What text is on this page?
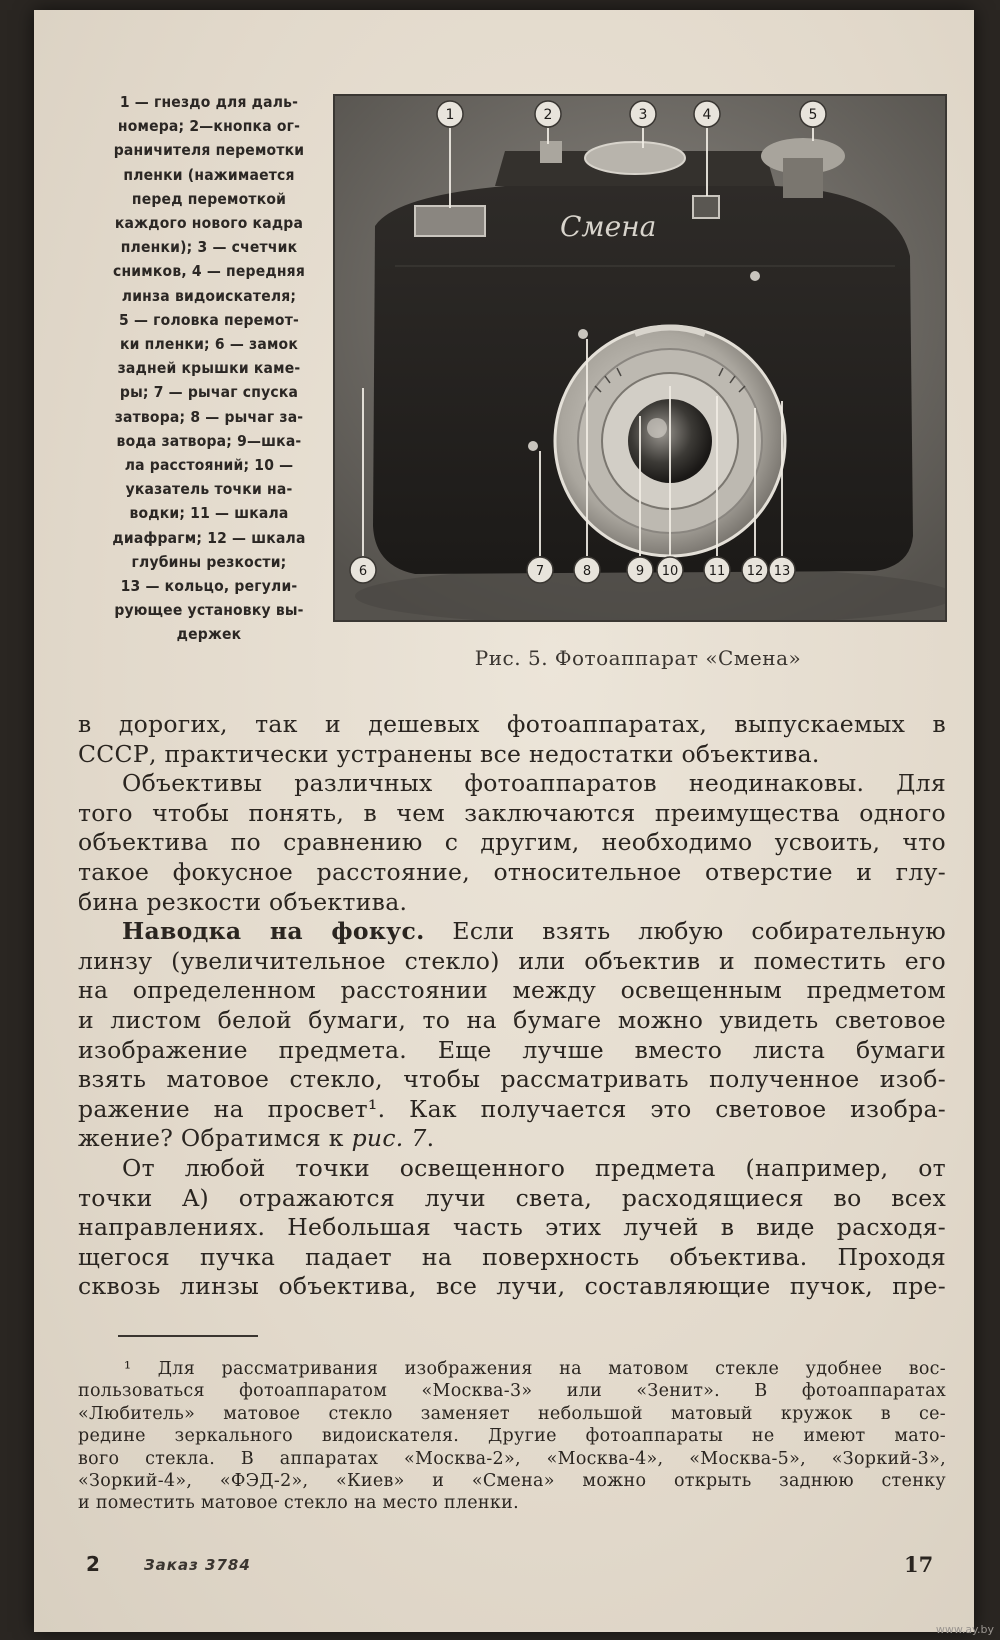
1 — гнездо для даль-
номера; 2—кнопка ог-
раничителя перемотки
пленки (нажимается
перед перемоткой
каждого нового кадра
пленки); 3 — счетчик
снимков, 4 — передняя
линза видоискателя;
5 — головка перемот-
ки пленки; 6 — замок
задней крышки каме-
ры; 7 — рычаг спуска
затвора; 8 — рычаг за-
вода затвора; 9—шка-
ла расстояний; 10 —
указатель точки на-
водки; 11 — шкала
диафрагм; 12 — шкала
глубины резкости;
13 — кольцо, регули-
рующее установку вы-
держек
Смена
1	2	3	4	5
6	7	8	9 10 11 12 13
Рис. 5. Фотоаппарат «Смена»

в дорогих, так и дешевых фотоаппаратах, выпускаемых в
СССР, практически устранены все недостатки объектива.

Объективы различных фотоаппаратов неодинаковы. Для
того чтобы понять, в чем заключаются преимущества одного
объектива по сравнению с другим, необходимо усвоить, что
такое фокусное расстояние, относительное отверстие и глу-
бина резкости объектива.

Наводка на фокус. Если взять любую собирательную
линзу (увеличительное стекло) или объектив и поместить его
на определенном расстоянии между освещенным предметом
и листом белой бумаги, то на бумаге можно увидеть световое
изображение предмета. Еще лучше вместо листа бумаги
взять матовое стекло, чтобы рассматривать полученное изоб-
ражение на просвет¹. Как получается это световое изобра-
жение? Обратимся к рис. 7.

От любой точки освещенного предмета (например, от
точки A) отражаются лучи света, расходящиеся во всех
направлениях. Небольшая часть этих лучей в виде расходя-
щегося пучка падает на поверхность объектива. Проходя
сквозь линзы объектива, все лучи, составляющие пучок, пре-

¹ Для рассматривания изображения на матовом стекле удобнее вос-
пользоваться фотоаппаратом «Москва-3» или «Зенит». В фотоаппаратах
«Любитель» матовое стекло заменяет небольшой матовый кружок в се-
редине зеркального видоискателя. Другие фотоаппараты не имеют мато-
вого стекла. В аппаратах «Москва-2», «Москва-4», «Москва-5», «Зоркий-3»,
«Зоркий-4», «ФЭД-2», «Киев» и «Смена» можно открыть заднюю стенку
и поместить матовое стекло на место пленки.
2	Заказ 3784	17
www.ay.by
